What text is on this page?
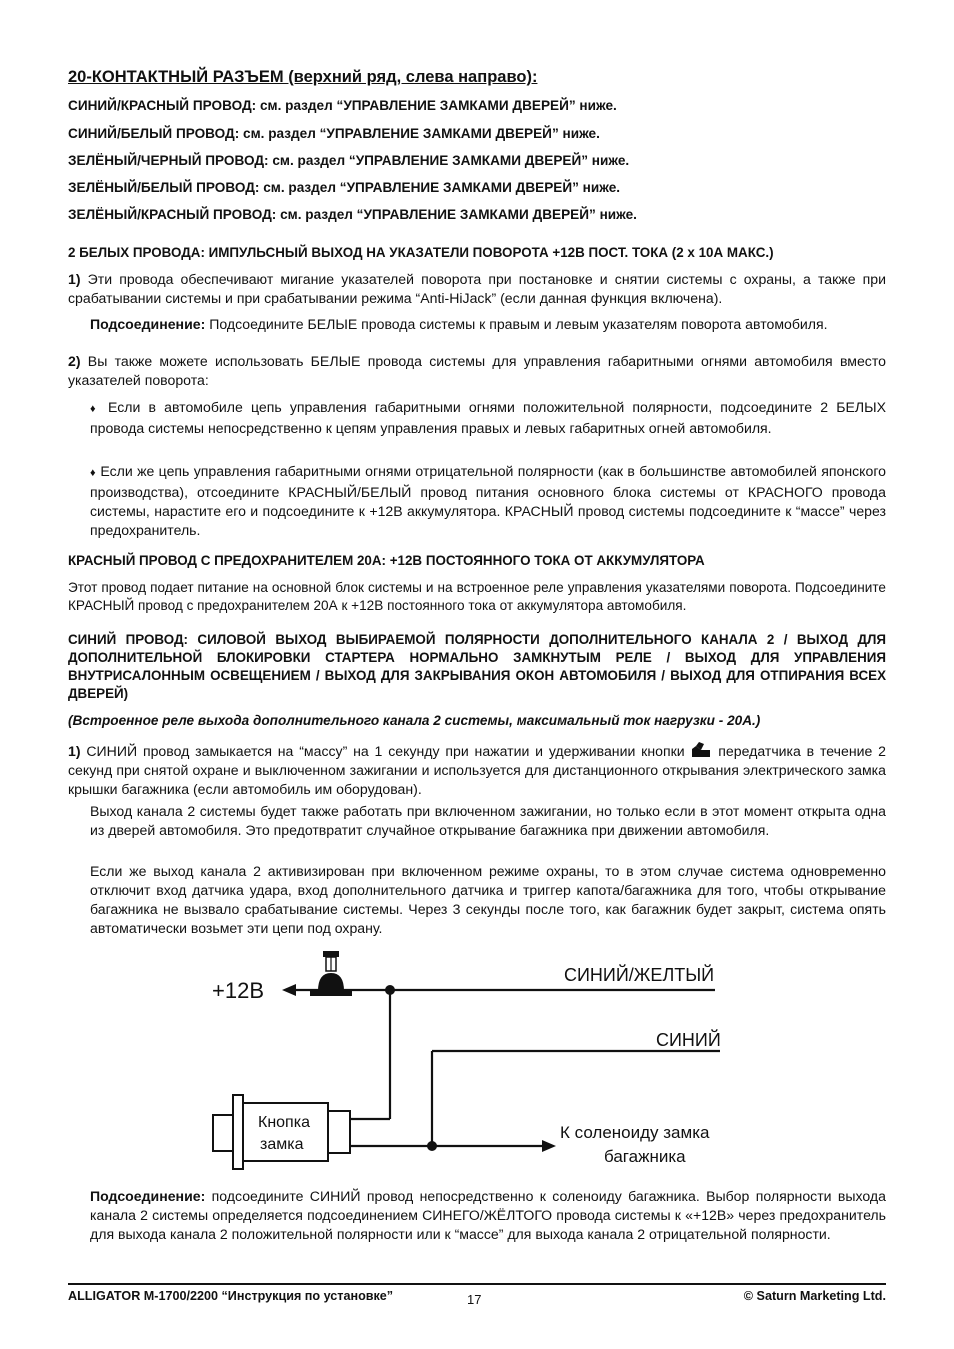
20-КОНТАКТНЫЙ РАЗЪЕМ (верхний ряд, слева направо):
СИНИЙ/КРАСНЫЙ ПРОВОД: см. раздел “УПРАВЛЕНИЕ ЗАМКАМИ ДВЕРЕЙ” ниже.
СИНИЙ/БЕЛЫЙ ПРОВОД: см. раздел “УПРАВЛЕНИЕ ЗАМКАМИ ДВЕРЕЙ” ниже.
ЗЕЛЁНЫЙ/ЧЕРНЫЙ ПРОВОД: см. раздел “УПРАВЛЕНИЕ ЗАМКАМИ ДВЕРЕЙ” ниже.
ЗЕЛЁНЫЙ/БЕЛЫЙ ПРОВОД: см. раздел “УПРАВЛЕНИЕ ЗАМКАМИ ДВЕРЕЙ” ниже.
ЗЕЛЁНЫЙ/КРАСНЫЙ ПРОВОД: см. раздел “УПРАВЛЕНИЕ ЗАМКАМИ ДВЕРЕЙ” ниже.
2 БЕЛЫХ ПРОВОДА: ИМПУЛЬСНЫЙ ВЫХОД НА УКАЗАТЕЛИ ПОВОРОТА +12В ПОСТ. ТОКА (2 х 10А МАКС.)
1) Эти провода обеспечивают мигание указателей поворота при постановке и снятии системы с охраны, а также при срабатывании системы и при срабатывании режима “Anti-HiJack” (если данная функция включена).
Подсоединение: Подсоедините БЕЛЫЕ провода системы к правым и левым указателям поворота автомобиля.
2) Вы также можете использовать БЕЛЫЕ провода системы для управления габаритными огнями автомобиля вместо указателей поворота:
♦ Если в автомобиле цепь управления габаритными огнями положительной полярности, подсоедините 2 БЕЛЫХ провода системы непосредственно к цепям управления правых и левых габаритных огней автомобиля.
♦ Если же цепь управления габаритными огнями отрицательной полярности (как в большинстве автомобилей японского производства), отсоедините КРАСНЫЙ/БЕЛЫЙ провод питания основного блока системы от КРАСНОГО провода системы, нарастите его и подсоедините к +12В аккумулятора. КРАСНЫЙ провод системы подсоедините к “массе” через предохранитель.
КРАСНЫЙ ПРОВОД С ПРЕДОХРАНИТЕЛЕМ 20А: +12В ПОСТОЯННОГО ТОКА ОТ АККУМУЛЯТОРА
Этот провод подает питание на основной блок системы и на встроенное реле управления указателями поворота. Подсоедините КРАСНЫЙ провод с предохранителем 20А к +12В постоянного тока от аккумулятора автомобиля.
СИНИЙ ПРОВОД: СИЛОВОЙ ВЫХОД ВЫБИРАЕМОЙ ПОЛЯРНОСТИ ДОПОЛНИТЕЛЬНОГО КАНАЛА 2 / ВЫХОД ДЛЯ ДОПОЛНИТЕЛЬНОЙ БЛОКИРОВКИ СТАРТЕРА НОРМАЛЬНО ЗАМКНУТЫМ РЕЛЕ / ВЫХОД ДЛЯ УПРАВЛЕНИЯ ВНУТРИСАЛОННЫМ ОСВЕЩЕНИЕМ / ВЫХОД ДЛЯ ЗАКРЫВАНИЯ ОКОН АВТОМОБИЛЯ / ВЫХОД ДЛЯ ОТПИРАНИЯ ВСЕХ ДВЕРЕЙ)
(Встроенное реле выхода дополнительного канала 2 системы, максимальный ток нагрузки - 20А.)
1) СИНИЙ провод замыкается на “массу” на 1 секунду при нажатии и удерживании кнопки  передатчика в течение 2 секунд при снятой охране и выключенном зажигании и используется для дистанционного открывания электрического замка крышки багажника (если автомобиль им оборудован).
Выход канала 2 системы будет также работать при включенном зажигании, но только если в этот момент открыта одна из дверей автомобиля. Это предотвратит случайное открывание багажника при движении автомобиля.
Если же выход канала 2 активизирован при включенном режиме охраны, то в этом случае система одновременно отключит вход датчика удара, вход дополнительного датчика и триггер капота/багажника для того, чтобы открывание багажника не вызвало срабатывание системы. Через 3 секунды после того, как багажник будет закрыт, система опять автоматически возьмет эти цепи под охрану.
Подсоединение: подсоедините СИНИЙ провод непосредственно к соленоиду багажника. Выбор полярности выхода канала 2 системы определяется подсоединением СИНЕГО/ЖЁЛТОГО провода системы к «+12В» через предохранитель для выхода канала 2 положительной полярности или к “массе” для выхода канала 2 отрицательной полярности.
+12В
СИНИЙ/ЖЕЛТЫЙ
СИНИЙ
Кнопка
замка
К соленоиду замка
багажника
ALLIGATOR M-1700/2200 “Инструкция по установке”	17	© Saturn Marketing Ltd.
